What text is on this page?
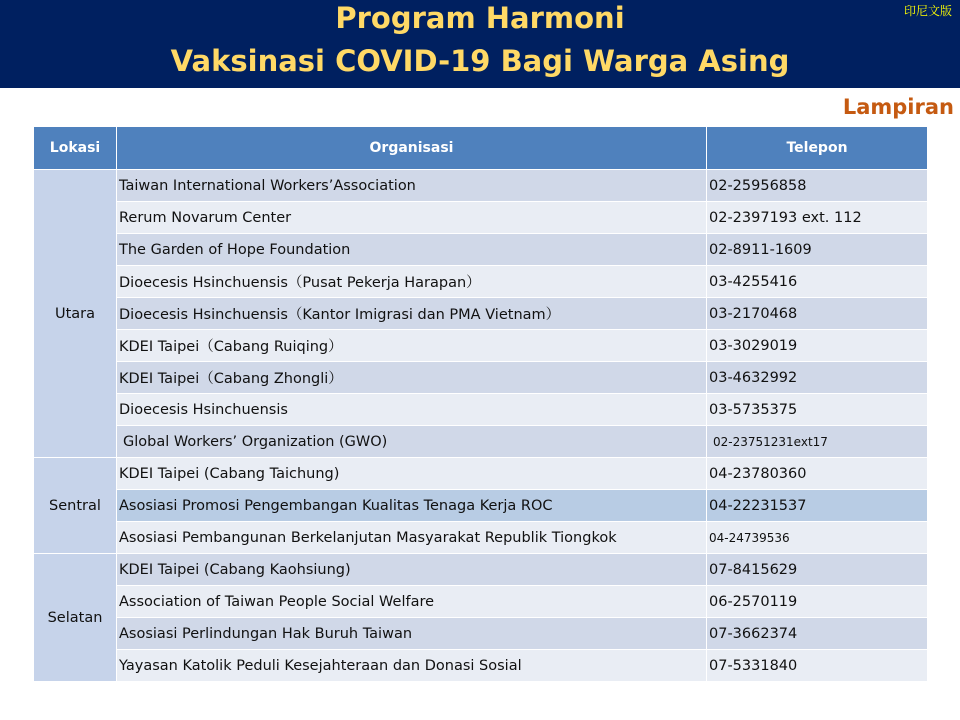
Program Harmoni
Vaksinasi COVID-19 Bagi Warga Asing
印尼文版
Lampiran
Lokasi	Organisasi	Telepon
Utara	Taiwan International Workers’Association	02-25956858
	Rerum Novarum Center	02-2397193 ext. 112
	The Garden of Hope Foundation	02-8911-1609
	Dioecesis Hsinchuensis（Pusat Pekerja Harapan）	03-4255416
	Dioecesis Hsinchuensis（Kantor Imigrasi dan PMA Vietnam）	03-2170468
	KDEI Taipei（Cabang Ruiqing）	03-3029019
	KDEI Taipei（Cabang Zhongli）	03-4632992
	Dioecesis Hsinchuensis	03-5735375
	Global Workers’ Organization (GWO)	02-23751231ext17
Sentral	KDEI Taipei (Cabang Taichung)	04-23780360
	Asosiasi Promosi Pengembangan Kualitas Tenaga Kerja ROC	04-22231537
	Asosiasi Pembangunan Berkelanjutan Masyarakat Republik Tiongkok	04-24739536
Selatan	KDEI Taipei (Cabang Kaohsiung)	07-8415629
	Association of Taiwan People Social Welfare	06-2570119
	Asosiasi Perlindungan Hak Buruh Taiwan	07-3662374
	Yayasan Katolik Peduli Kesejahteraan dan Donasi Sosial	07-5331840
